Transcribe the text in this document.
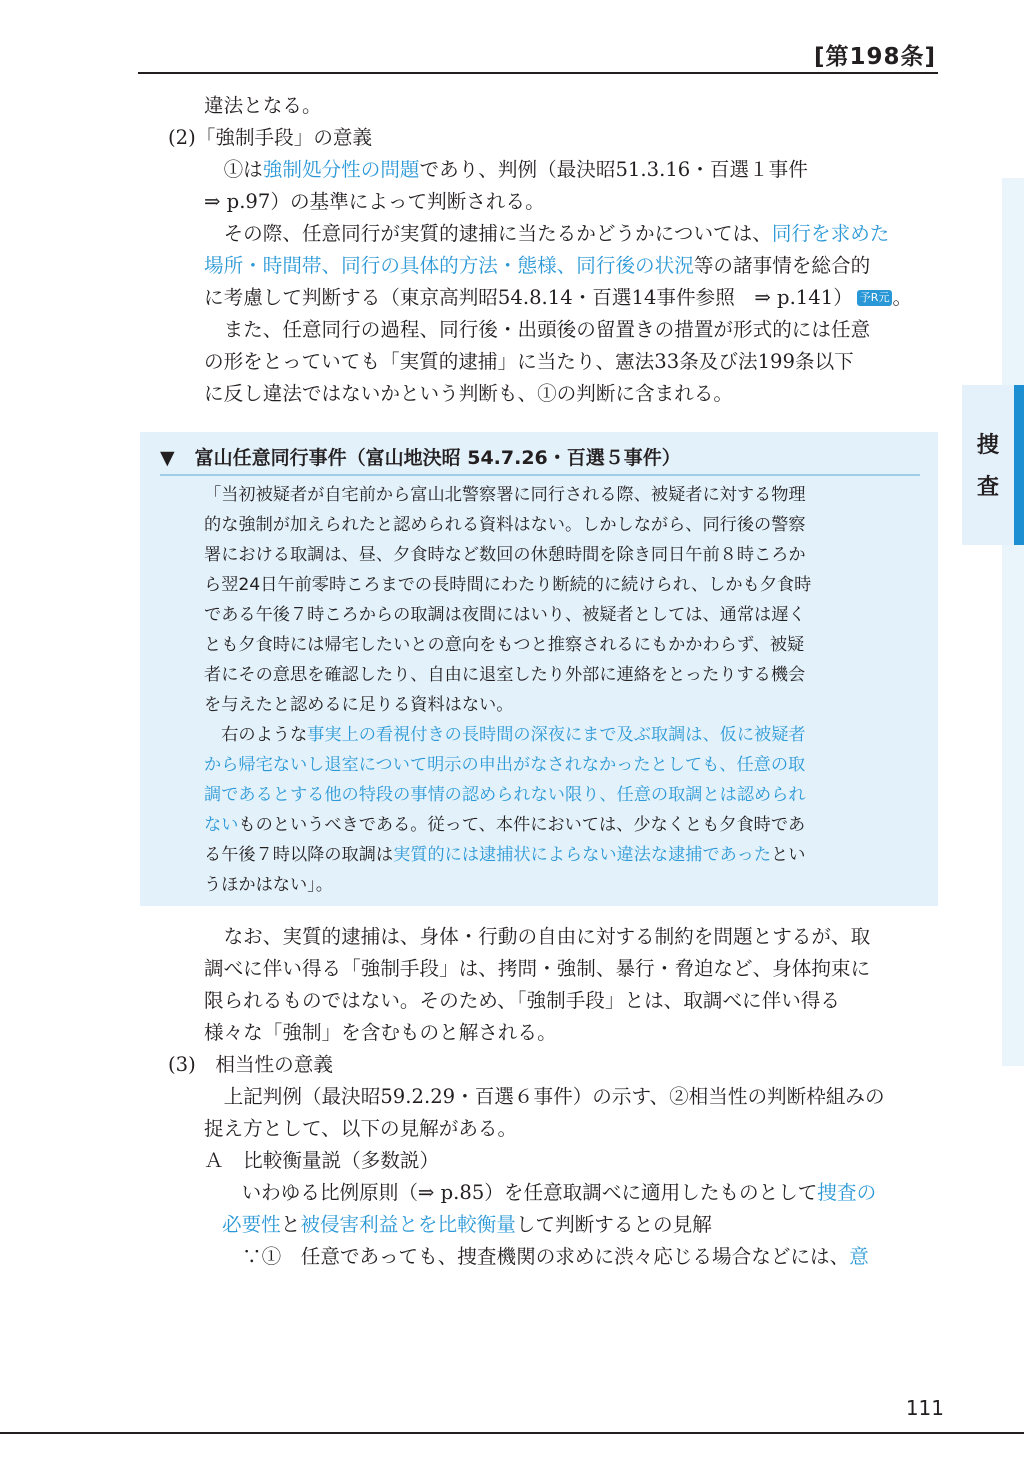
[第198条]
捜査
違法となる。
(2)「強制手段」の意義
　①は強制処分性の問題であり、判例（最決昭51.3.16・百選１事件
⇒ p.97）の基準によって判断される。
　その際、任意同行が実質的逮捕に当たるかどうかについては、同行を求めた
場所・時間帯、同行の具体的方法・態様、同行後の状況等の諸事情を総合的
に考慮して判断する（東京高判昭54.8.14・百選14事件参照　⇒ p.141） 予R元 。
　また、任意同行の過程、同行後・出頭後の留置きの措置が形式的には任意
の形をとっていても「実質的逮捕」に当たり、憲法33条及び法199条以下
に反し違法ではないかという判断も、①の判断に含まれる。
▼ 富山任意同行事件（富山地決昭 54.7.26・百選５事件）
「当初被疑者が自宅前から富山北警察署に同行される際、被疑者に対する物理
的な強制が加えられたと認められる資料はない。しかしながら、同行後の警察
署における取調は、昼、夕食時など数回の休憩時間を除き同日午前８時ころか
ら翌24日午前零時ころまでの長時間にわたり断続的に続けられ、しかも夕食時
である午後７時ころからの取調は夜間にはいり、被疑者としては、通常は遅く
とも夕食時には帰宅したいとの意向をもつと推察されるにもかかわらず、被疑
者にその意思を確認したり、自由に退室したり外部に連絡をとったりする機会
を与えたと認めるに足りる資料はない。
　右のような事実上の看視付きの長時間の深夜にまで及ぶ取調は、仮に被疑者
から帰宅ないし退室について明示の申出がなされなかったとしても、任意の取
調であるとする他の特段の事情の認められない限り、任意の取調とは認められ
ないものというべきである。従って、本件においては、少なくとも夕食時であ
る午後７時以降の取調は実質的には逮捕状によらない違法な逮捕であったとい
うほかはない」。
　なお、実質的逮捕は、身体・行動の自由に対する制約を問題とするが、取
調べに伴い得る「強制手段」は、拷問・強制、暴行・脅迫など、身体拘束に
限られるものではない。そのため、「強制手段」とは、取調べに伴い得る
様々な「強制」を含むものと解される。
(3)　相当性の意義
　上記判例（最決昭59.2.29・百選６事件）の示す、②相当性の判断枠組みの
捉え方として、以下の見解がある。
Ａ　比較衡量説（多数説）
　いわゆる比例原則（⇒ p.85）を任意取調べに適用したものとして捜査の
必要性と被侵害利益とを比較衡量して判断するとの見解
∵①　任意であっても、捜査機関の求めに渋々応じる場合などには、意
111
